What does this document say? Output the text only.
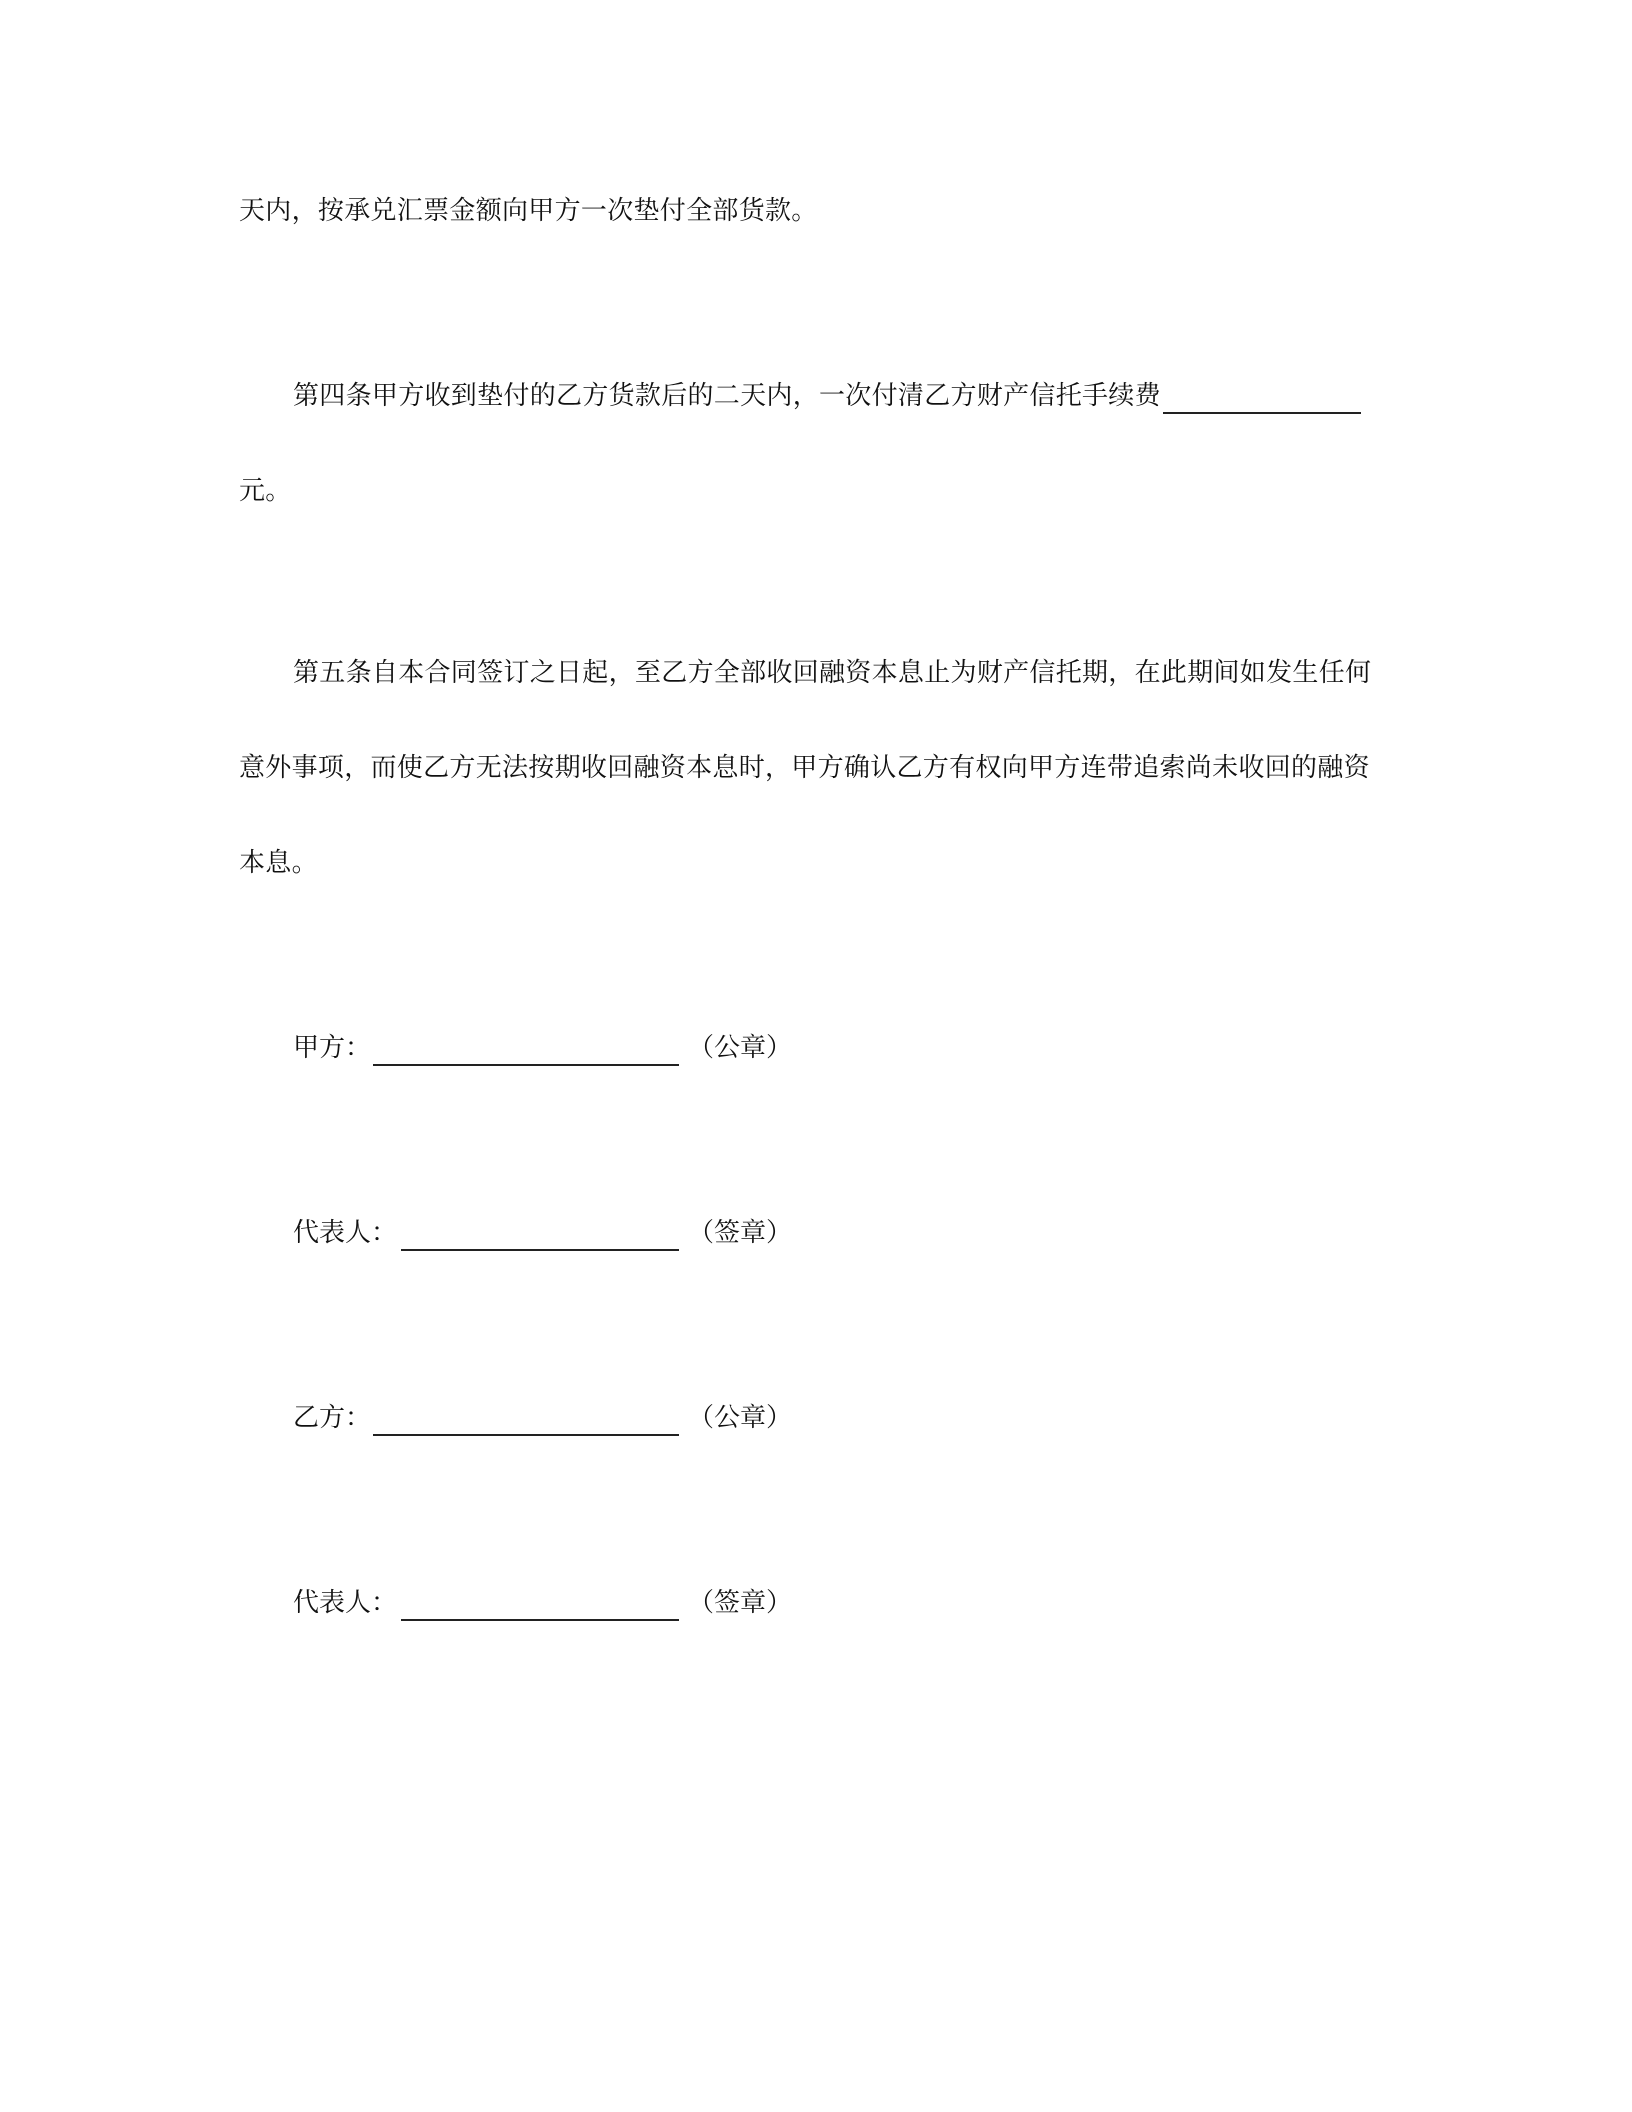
天内，按承兑汇票金额向甲方一次垫付全部货款。
第四条甲方收到垫付的乙方货款后的二天内，一次付清乙方财产信托手续费
元。
第五条自本合同签订之日起，至乙方全部收回融资本息止为财产信托期，在此期间如发生任何
意外事项，而使乙方无法按期收回融资本息时，甲方确认乙方有权向甲方连带追索尚未收回的融资
本息。
甲方：	（公章）
代表人：	（签章）
乙方：	（公章）
代表人：	（签章）
